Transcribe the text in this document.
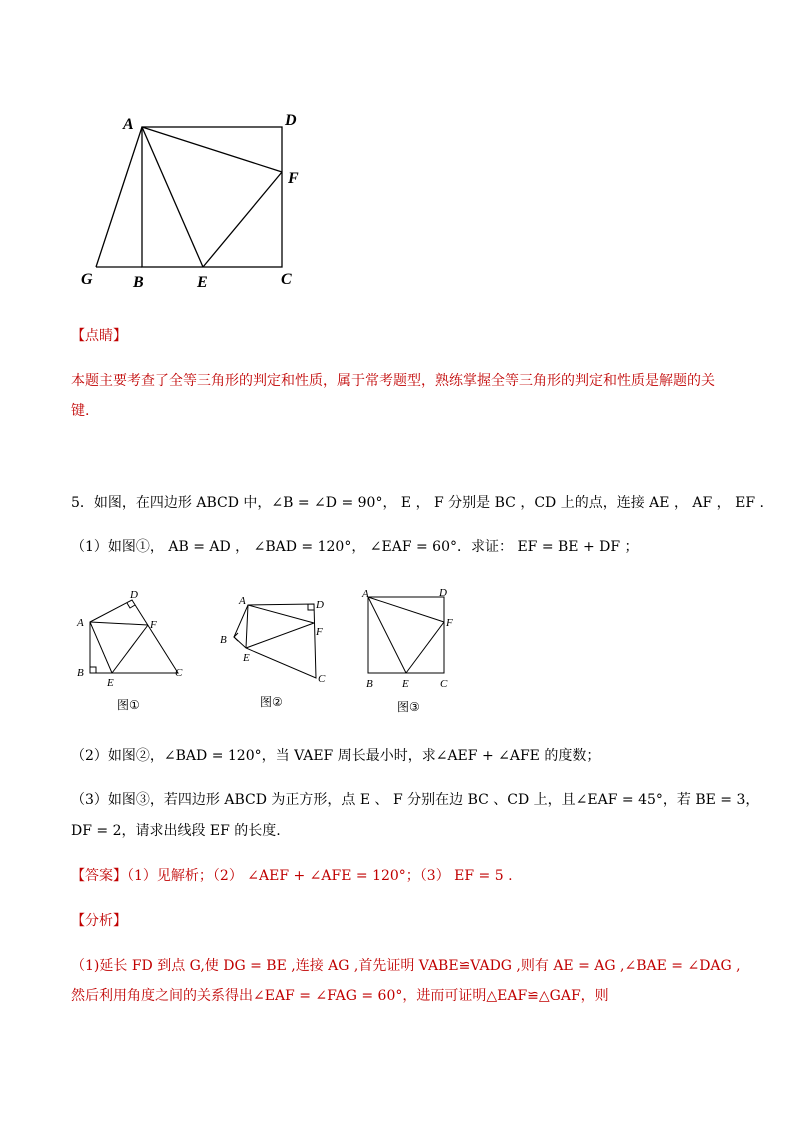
A	D
F
G	B	E	C
【点睛】
本题主要考查了全等三角形的判定和性质，属于常考题型，熟练掌握全等三角形的判定和性质是解题的关
键.
5．如图，在四边形 ABCD 中，∠B = ∠D = 90°， E ， F 分别是 BC ，CD 上的点，连接 AE ， AF ， EF .
（1）如图①， AB = AD ， ∠BAD = 120°， ∠EAF = 60°．求证： EF = BE + DF ；
A
D
F
B
E
C
图①
A	D
F
B
E
C
图②
A	D
F
B	E	C
图③
（2）如图②，∠BAD = 120°，当 VAEF 周长最小时，求∠AEF + ∠AFE 的度数；
（3）如图③，若四边形 ABCD 为正方形，点 E 、 F 分别在边 BC 、CD 上，且∠EAF = 45°，若 BE = 3，
DF = 2，请求出线段 EF 的长度.
【答案】（1）见解析；（2） ∠AEF + ∠AFE = 120°；（3） EF = 5 .
【分析】
（1)延长 FD 到点 G,使 DG = BE ,连接 AG ,首先证明 VABE≌VADG ,则有 AE = AG ,∠BAE = ∠DAG ,
然后利用角度之间的关系得出∠EAF = ∠FAG = 60°，进而可证明△EAF≌△GAF，则
